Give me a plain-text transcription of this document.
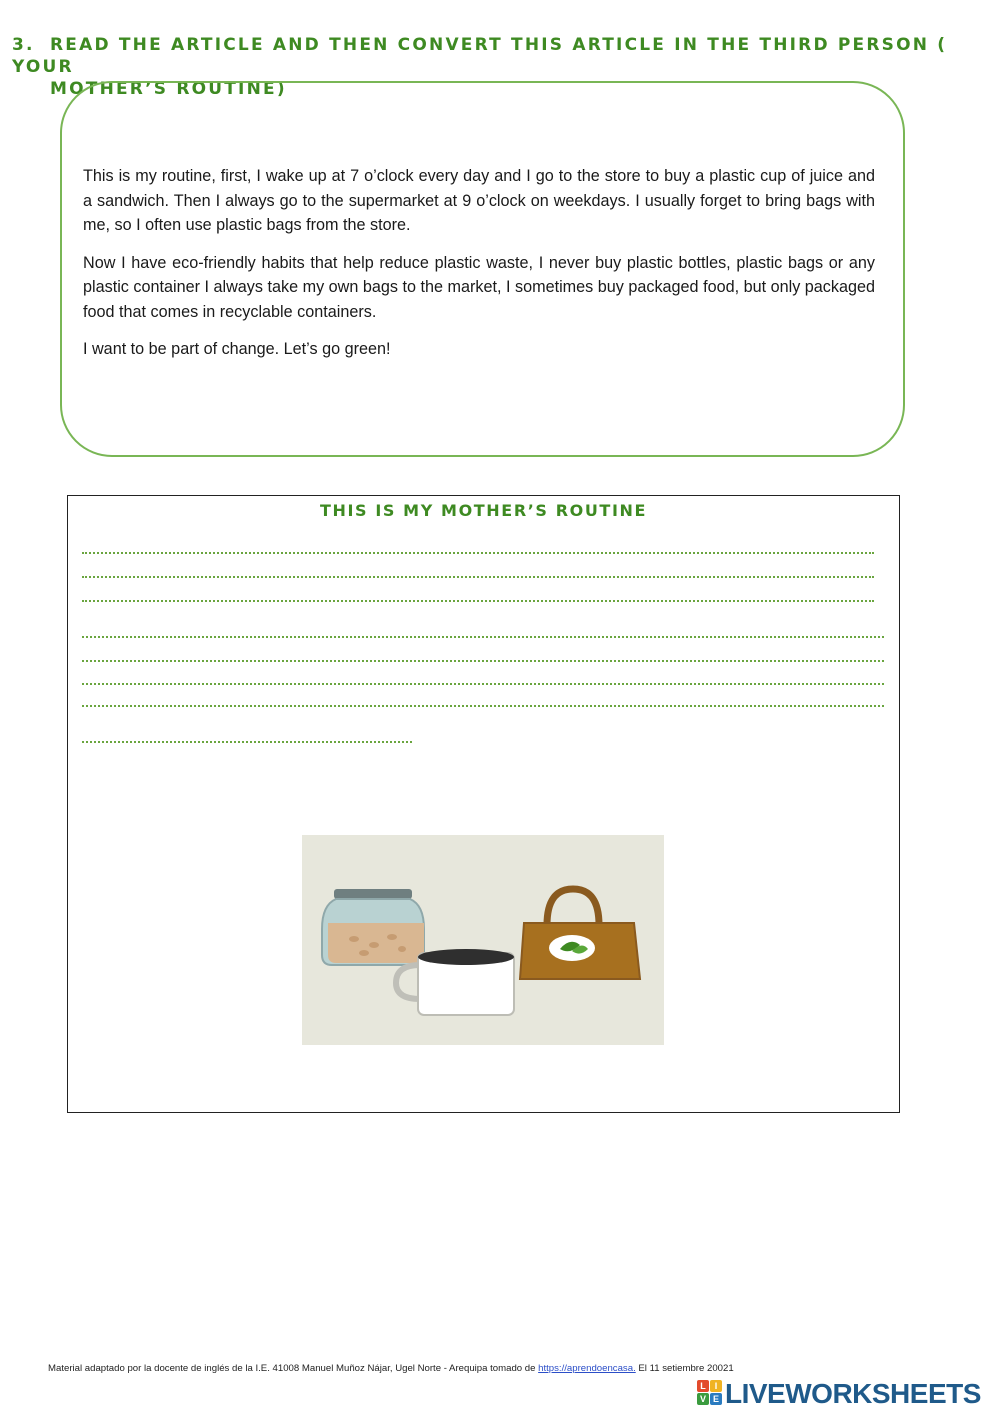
3. READ THE ARTICLE AND THEN CONVERT THIS ARTICLE IN THE THIRD PERSON ( YOUR
MOTHER’S ROUTINE)

This is my routine, first, I wake up at 7 o’clock every day and I go to the store to buy a plastic cup of juice and a sandwich. Then I always go to the supermarket at 9 o’clock on weekdays. I usually forget to bring bags with me, so I often use plastic bags from the store.

Now I have eco-friendly habits that help reduce plastic waste, I never buy plastic bottles, plastic bags or any plastic container I always take my own bags to the market, I sometimes buy packaged food, but only packaged food that comes in recyclable containers.

I want to be part of change. Let’s go green!

THIS IS MY MOTHER’S ROUTINE
Material adaptado por la docente de inglés de la I.E. 41008 Manuel Muñoz Nájar, Ugel Norte - Arequipa tomado de https://aprendoencasa. El 11 setiembre 20021
L I
V E LIVEWORKSHEETS
